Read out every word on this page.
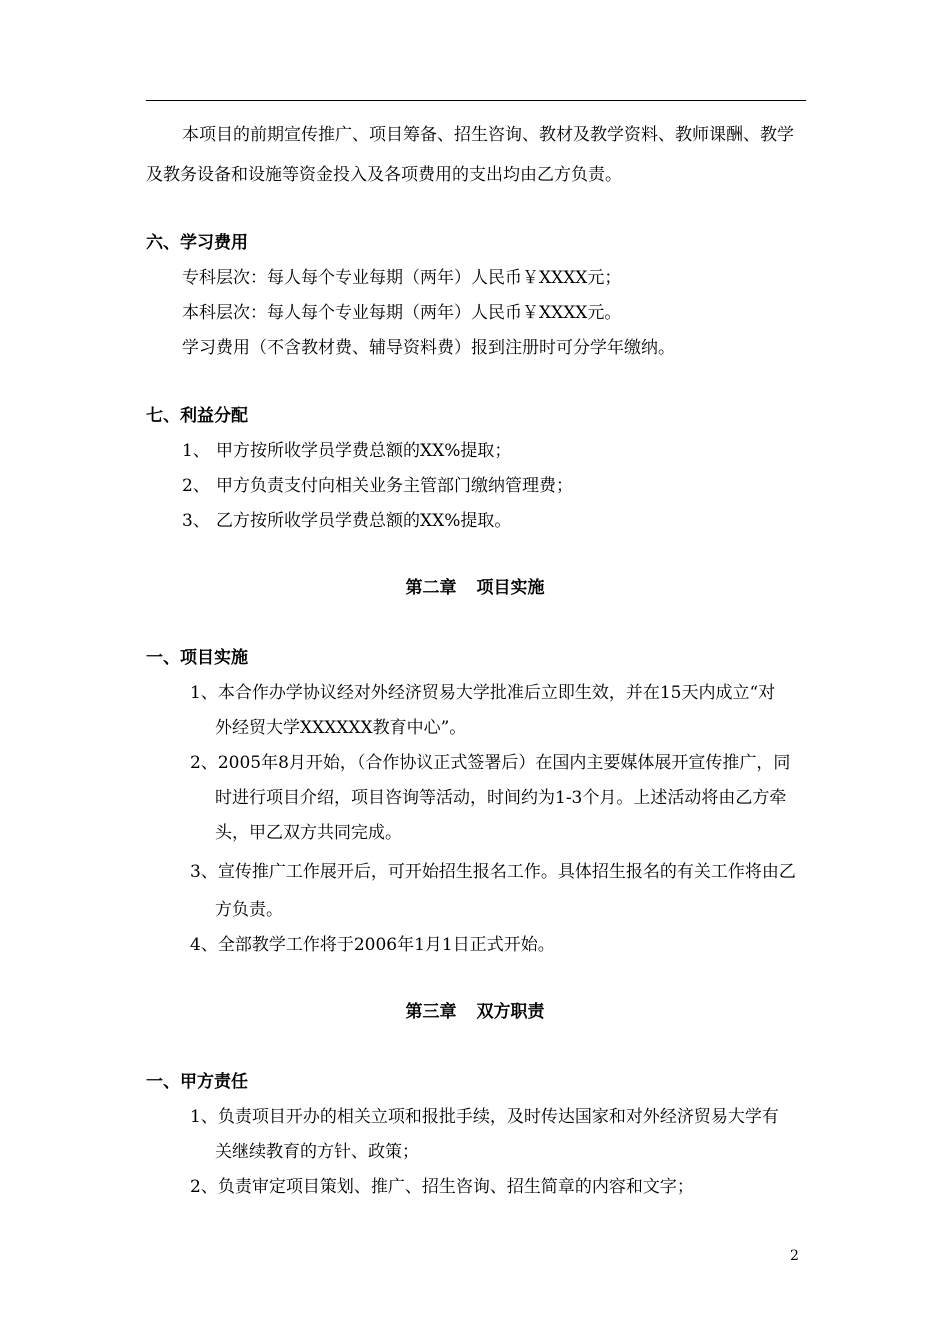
本项目的前期宣传推广、项目筹备、招生咨询、教材及教学资料、教师课酬、教学
及教务设备和设施等资金投入及各项费用的支出均由乙方负责。
六、学习费用
专科层次：每人每个专业每期（两年）人民币￥XXXX元；
本科层次：每人每个专业每期（两年）人民币￥XXXX元。
学习费用（不含教材费、辅导资料费）报到注册时可分学年缴纳。
七、利益分配
1、 甲方按所收学员学费总额的XX%提取；
2、 甲方负责支付向相关业务主管部门缴纳管理费；
3、 乙方按所收学员学费总额的XX%提取。
第二章 项目实施
一、项目实施
1、本合作办学协议经对外经济贸易大学批准后立即生效，并在15天内成立“对
外经贸大学XXXXXX教育中心”。
2、2005年8月开始，（合作协议正式签署后）在国内主要媒体展开宣传推广，同
时进行项目介绍，项目咨询等活动，时间约为1-3个月。上述活动将由乙方牵
头，甲乙双方共同完成。
3、宣传推广工作展开后，可开始招生报名工作。具体招生报名的有关工作将由乙
方负责。
4、全部教学工作将于2006年1月1日正式开始。
第三章 双方职责
一、甲方责任
1、负责项目开办的相关立项和报批手续，及时传达国家和对外经济贸易大学有
关继续教育的方针、政策；
2、负责审定项目策划、推广、招生咨询、招生简章的内容和文字；
2
